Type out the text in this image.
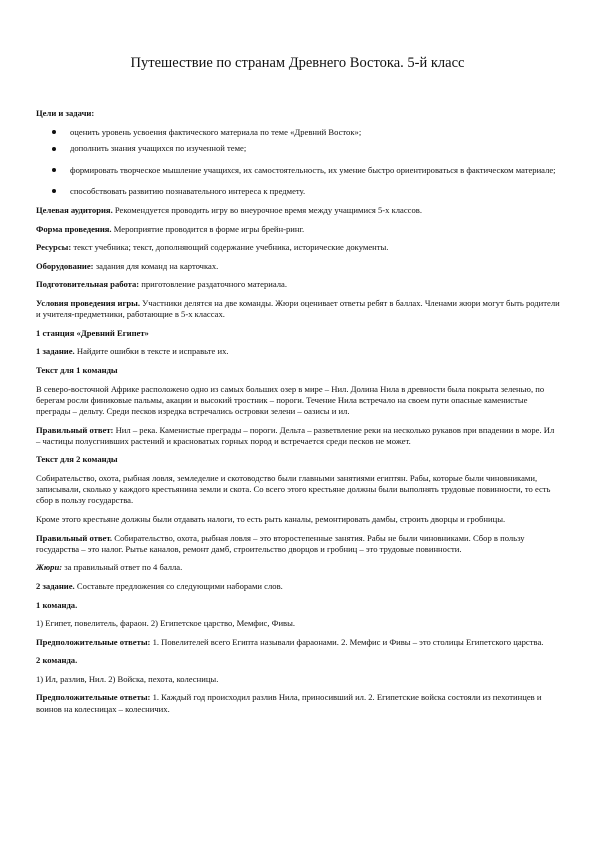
Путешествие по странам Древнего Востока. 5-й класс
Цели и задачи:
оценить уровень усвоения фактического материала по теме «Древний Восток»;
дополнить знания учащихся по изученной теме;
формировать творческое мышление учащихся, их самостоятельность, их умение быстро ориентироваться в фактическом материале;
способствовать развитию познавательного интереса к предмету.
Целевая аудитория. Рекомендуется проводить игру во внеурочное время между учащимися 5-х классов.
Форма проведения. Мероприятие проводится в форме игры брейн-ринг.
Ресурсы: текст учебника; текст, дополняющий содержание учебника, исторические документы.
Оборудование: задания для команд на карточках.
Подготовительная работа: приготовление раздаточного материала.
Условия проведения игры. Участники делятся на две команды. Жюри оценивает ответы ребят в баллах. Членами жюри могут быть родители и учителя-предметники, работающие в 5-х классах.
1 станция «Древний Египет»
1 задание. Найдите ошибки в тексте и исправьте их.
Текст для 1 команды
В северо-восточной Африке расположено одно из самых больших озер в мире – Нил. Долина Нила в древности была покрыта зеленью, по берегам росли финиковые пальмы, акации и высокий тростник – пороги. Течение Нила встречало на своем пути опасные каменистые преграды – дельту. Среди песков изредка встречались островки зелени – оазисы и ил.
Правильный ответ: Нил – река. Каменистые преграды – пороги. Дельта – разветвление реки на несколько рукавов при впадении в море. Ил – частицы полусгнивших растений и красноватых горных пород и встречается среди песков не может.
Текст для 2 команды
Собирательство, охота, рыбная ловля, земледелие и скотоводство были главными занятиями египтян. Рабы, которые были чиновниками, записывали, сколько у каждого крестьянина земли и скота. Со всего этого крестьяне должны были выполнять трудовые повинности, то есть сбор в пользу государства.
Кроме этого крестьяне должны были отдавать налоги, то есть рыть каналы, ремонтировать дамбы, строить дворцы и гробницы.
Правильный ответ. Собирательство, охота, рыбная ловля – это второстепенные занятия. Рабы не были чиновниками. Сбор в пользу государства – это налог. Рытье каналов, ремонт дамб, строительство дворцов и гробниц – это трудовые повинности.
Жюри: за правильный ответ по 4 балла.
2 задание. Составьте предложения со следующими наборами слов.
1 команда.
1) Египет, повелитель, фараон. 2) Египетское царство, Мемфис, Фивы.
Предположительные ответы: 1. Повелителей всего Египта называли фараонами. 2. Мемфис и Фивы – это столицы Египетского царства.
2 команда.
1) Ил, разлив, Нил. 2) Войска, пехота, колесницы.
Предположительные ответы: 1. Каждый год происходил разлив Нила, приносивший ил. 2. Египетские войска состояли из пехотинцев и воинов на колесницах – колесничих.
